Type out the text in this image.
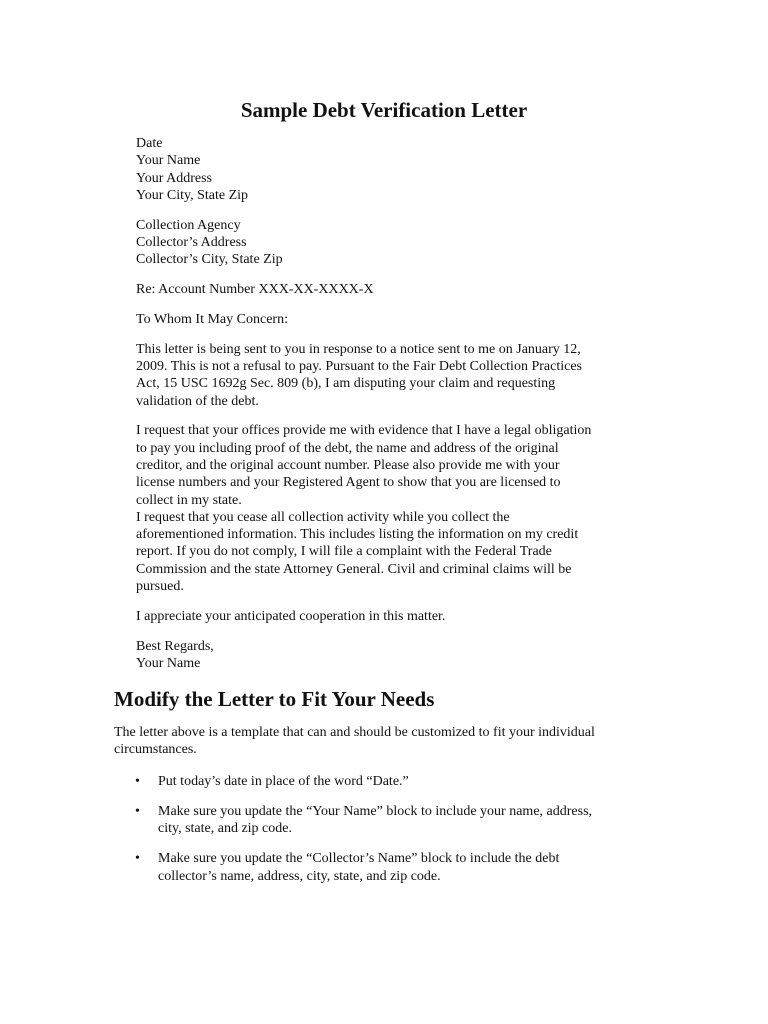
Sample Debt Verification Letter

Date
Your Name
Your Address
Your City, State Zip

Collection Agency
Collector’s Address
Collector’s City, State Zip

Re: Account Number XXX-XX-XXXX-X

To Whom It May Concern:

This letter is being sent to you in response to a notice sent to me on January 12,
2009. This is not a refusal to pay. Pursuant to the Fair Debt Collection Practices
Act, 15 USC 1692g Sec. 809 (b), I am disputing your claim and requesting
validation of the debt.

I request that your offices provide me with evidence that I have a legal obligation
to pay you including proof of the debt, the name and address of the original
creditor, and the original account number. Please also provide me with your
license numbers and your Registered Agent to show that you are licensed to
collect in my state.
I request that you cease all collection activity while you collect the
aforementioned information. This includes listing the information on my credit
report. If you do not comply, I will file a complaint with the Federal Trade
Commission and the state Attorney General. Civil and criminal claims will be
pursued.

I appreciate your anticipated cooperation in this matter.

Best Regards,
Your Name

Modify the Letter to Fit Your Needs

The letter above is a template that can and should be customized to fit your individual
circumstances.

• Put today’s date in place of the word “Date.”
• Make sure you update the “Your Name” block to include your name, address,
city, state, and zip code.
• Make sure you update the “Collector’s Name” block to include the debt
collector’s name, address, city, state, and zip code.
